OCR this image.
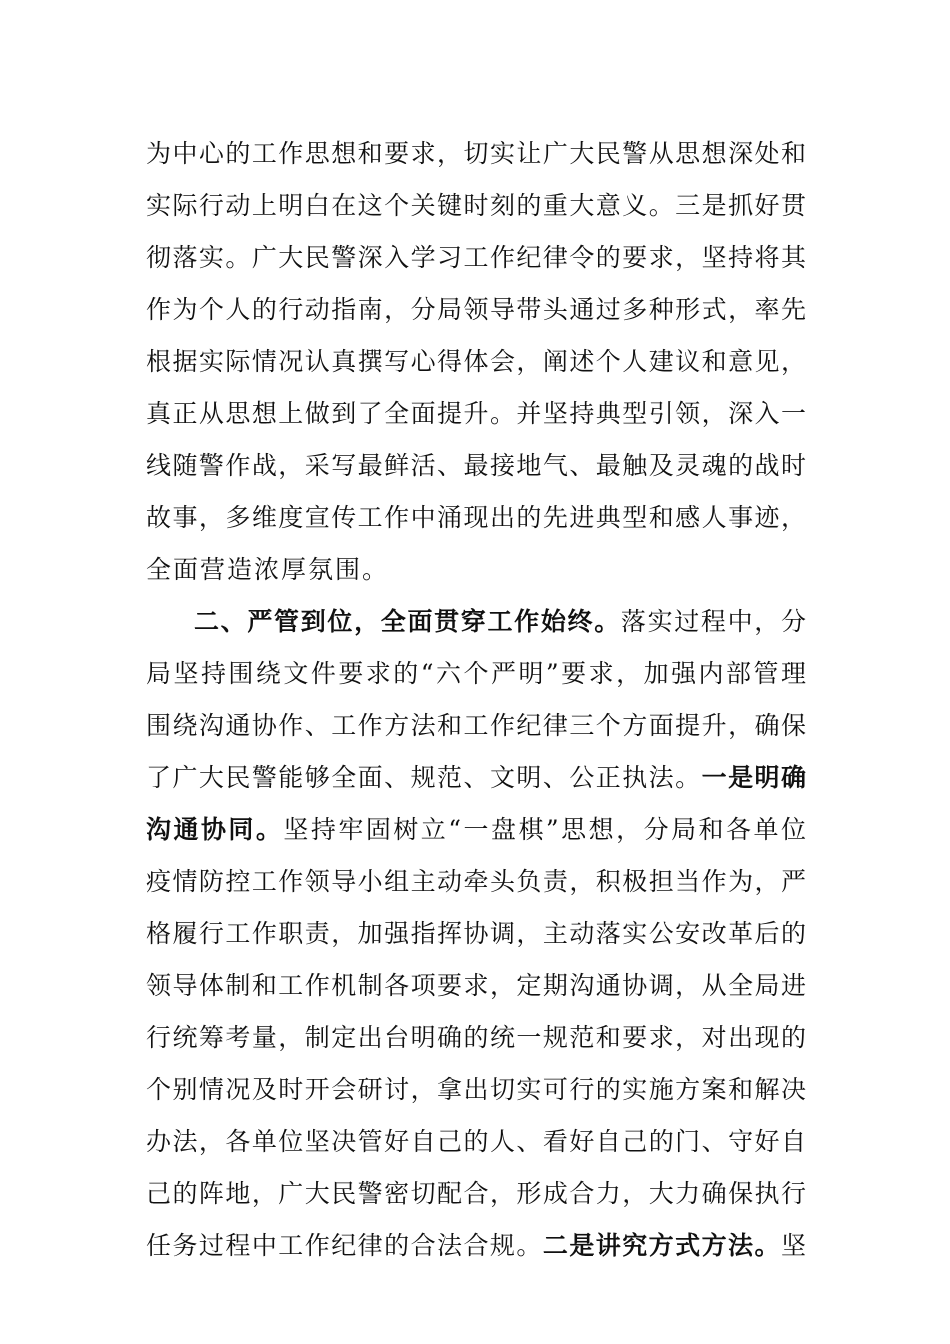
为中心的工作思想和要求，切实让广大民警从思想深处和
实际行动上明白在这个关键时刻的重大意义。三是抓好贯
彻落实。广大民警深入学习工作纪律令的要求，坚持将其
作为个人的行动指南，分局领导带头通过多种形式，率先
根据实际情况认真撰写心得体会，阐述个人建议和意见，
真正从思想上做到了全面提升。并坚持典型引领，深入一
线随警作战，采写最鲜活、最接地气、最触及灵魂的战时
故事，多维度宣传工作中涌现出的先进典型和感人事迹，
全面营造浓厚氛围。
二、严管到位，全面贯穿工作始终。落实过程中，分
局坚持围绕文件要求的“六个严明”要求，加强内部管理
围绕沟通协作、工作方法和工作纪律三个方面提升，确保
了广大民警能够全面、规范、文明、公正执法。一是明确
沟通协同。坚持牢固树立“一盘棋”思想，分局和各单位
疫情防控工作领导小组主动牵头负责，积极担当作为，严
格履行工作职责，加强指挥协调，主动落实公安改革后的
领导体制和工作机制各项要求，定期沟通协调，从全局进
行统筹考量，制定出台明确的统一规范和要求，对出现的
个别情况及时开会研讨，拿出切实可行的实施方案和解决
办法，各单位坚决管好自己的人、看好自己的门、守好自
己的阵地，广大民警密切配合，形成合力，大力确保执行
任务过程中工作纪律的合法合规。二是讲究方式方法。坚
